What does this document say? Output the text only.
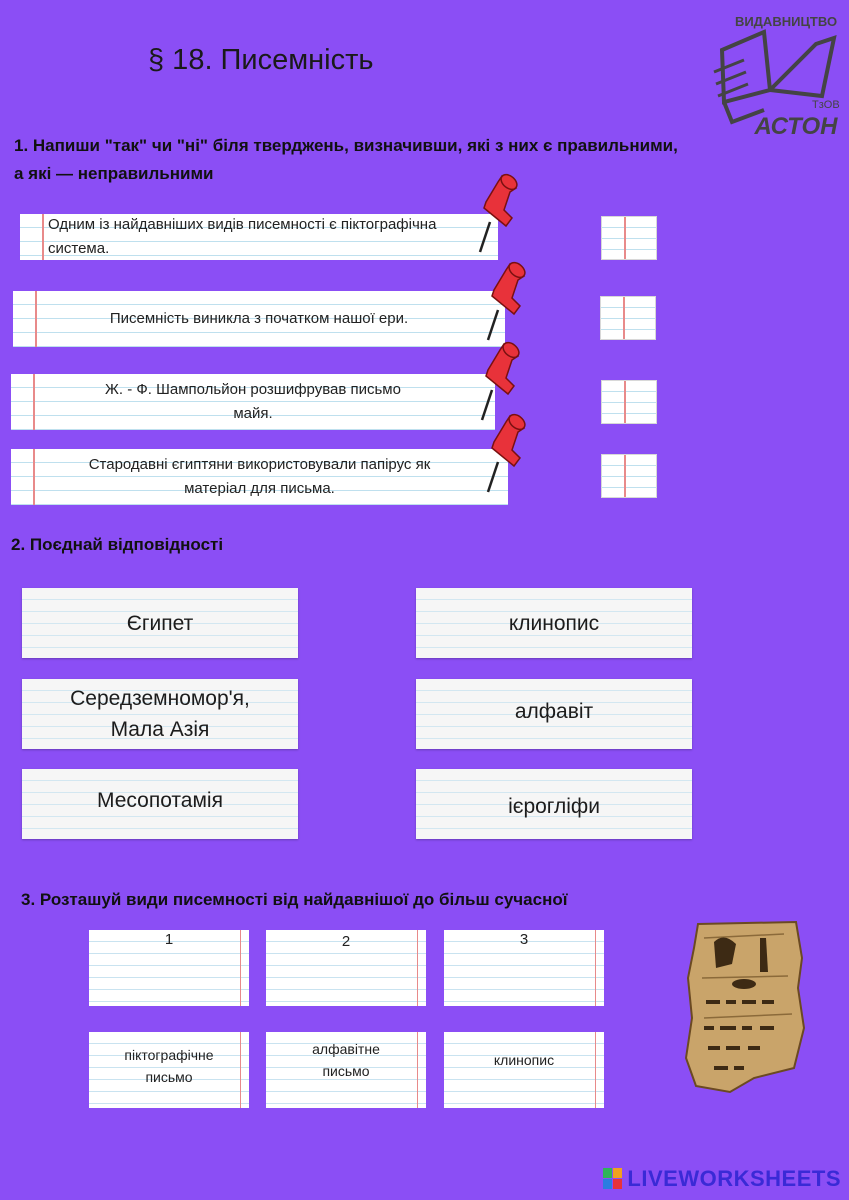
ВИДАВНИЦТВО
ТзОВ
АСТОН
§ 18. Писемність
1. Напиши "так" чи "ні" біля тверджень, визначивши, які з них є правильними,
а які — неправильними
Одним із найдавніших видів писемності є піктографічна
система.
Писемність виникла з початком нашої ери.
Ж. - Ф. Шампольйон розшифрував письмо
майя.
Стародавні єгиптяни використовували папірус як
матеріал для письма.
2. Поєднай відповідності
Єгипет
Середземномор'я,
Мала Азія
Месопотамія
клинопис
алфавіт
ієрогліфи
3. Розташуй види писемності від найдавнішої до більш сучасної
1	2	3
піктографічне
письмо
алфавітне
письмо
клинопис
LIVEWORKSHEETS
